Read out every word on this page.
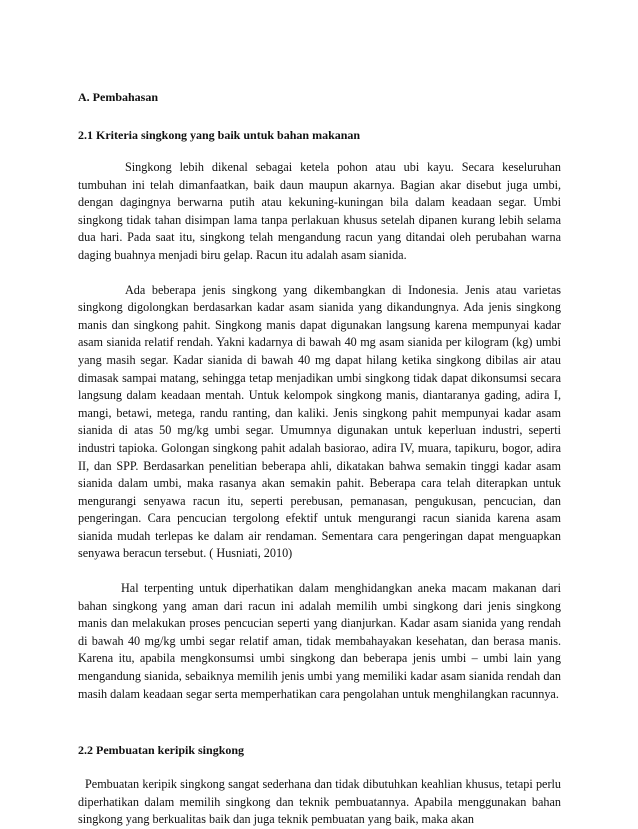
A. Pembahasan
2.1 Kriteria singkong yang baik untuk bahan makanan

Singkong lebih dikenal sebagai ketela pohon atau ubi kayu. Secara keseluruhan tumbuhan ini telah dimanfaatkan, baik daun maupun akarnya. Bagian akar disebut juga umbi, dengan dagingnya berwarna putih atau kekuning-kuningan bila dalam keadaan segar. Umbi singkong tidak tahan disimpan lama tanpa perlakuan khusus setelah dipanen kurang lebih selama dua hari. Pada saat itu, singkong telah mengandung racun yang ditandai oleh perubahan warna daging buahnya menjadi biru gelap. Racun itu adalah asam sianida.

Ada beberapa jenis singkong yang dikembangkan di Indonesia. Jenis atau varietas singkong digolongkan berdasarkan kadar asam sianida yang dikandungnya. Ada jenis singkong manis dan singkong pahit. Singkong manis dapat digunakan langsung karena mempunyai kadar asam sianida relatif rendah. Yakni kadarnya di bawah 40 mg asam sianida per kilogram (kg) umbi yang masih segar. Kadar sianida di bawah 40 mg dapat hilang ketika singkong dibilas air atau dimasak sampai matang, sehingga tetap menjadikan umbi singkong tidak dapat dikonsumsi secara langsung dalam keadaan mentah. Untuk kelompok singkong manis, diantaranya gading, adira I, mangi, betawi, metega, randu ranting, dan kaliki. Jenis singkong pahit mempunyai kadar asam sianida di atas 50 mg/kg umbi segar. Umumnya digunakan untuk keperluan industri, seperti industri tapioka. Golongan singkong pahit adalah basiorao, adira IV, muara, tapikuru, bogor, adira II, dan SPP. Berdasarkan penelitian beberapa ahli, dikatakan bahwa semakin tinggi kadar asam sianida dalam umbi, maka rasanya akan semakin pahit. Beberapa cara telah diterapkan untuk mengurangi senyawa racun itu, seperti perebusan, pemanasan, pengukusan, pencucian, dan pengeringan. Cara pencucian tergolong efektif untuk mengurangi racun sianida karena asam sianida mudah terlepas ke dalam air rendaman. Sementara cara pengeringan dapat menguapkan senyawa beracun tersebut. ( Husniati, 2010)

Hal terpenting untuk diperhatikan dalam menghidangkan aneka macam makanan dari bahan singkong yang aman dari racun ini adalah memilih umbi singkong dari jenis singkong manis dan melakukan proses pencucian seperti yang dianjurkan. Kadar asam sianida yang rendah di bawah 40 mg/kg umbi segar relatif aman, tidak membahayakan kesehatan, dan berasa manis. Karena itu, apabila mengkonsumsi umbi singkong dan beberapa jenis umbi – umbi lain yang mengandung sianida, sebaiknya memilih jenis umbi yang memiliki kadar asam sianida rendah dan masih dalam keadaan segar serta memperhatikan cara pengolahan untuk menghilangkan racunnya.

2.2 Pembuatan keripik singkong

Pembuatan keripik singkong sangat sederhana dan tidak dibutuhkan keahlian khusus, tetapi perlu diperhatikan dalam memilih singkong dan teknik pembuatannya. Apabila menggunakan bahan singkong yang berkualitas baik dan juga teknik pembuatan yang baik, maka akan
